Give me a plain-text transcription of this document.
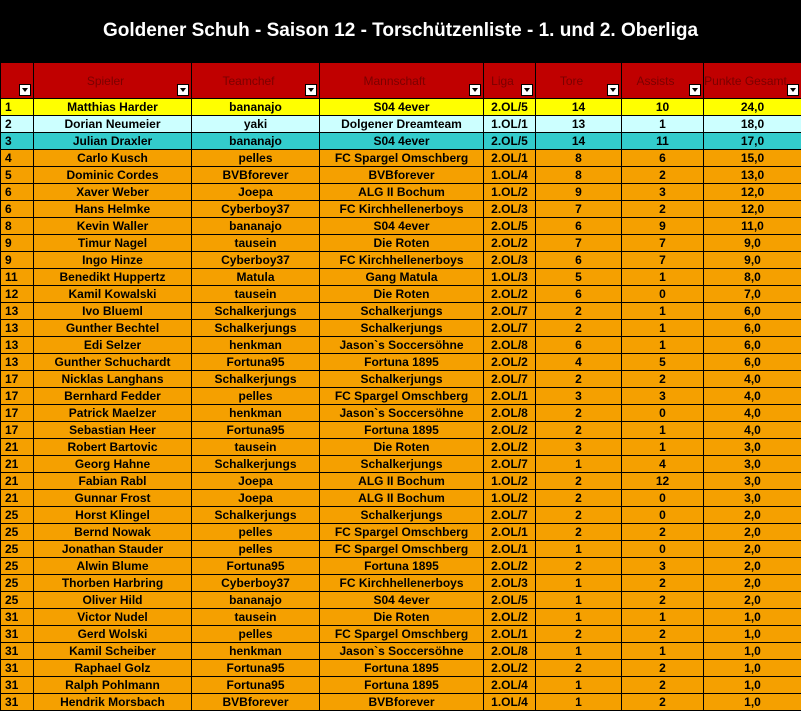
Goldener Schuh - Saison 12 - Torschützenliste - 1. und 2. Oberliga

	Spieler	Teamchef	Mannschaft	Liga	Tore	Assists	Punkte Gesamt

1	Matthias Harder	bananajo	S04 4ever	2.OL/5	14	10	24,0
2	Dorian Neumeier	yaki	Dolgener Dreamteam	1.OL/1	13	1	18,0
3	Julian Draxler	bananajo	S04 4ever	2.OL/5	14	11	17,0
4	Carlo Kusch	pelles	FC Spargel Omschberg	2.OL/1	8	6	15,0
5	Dominic Cordes	BVBforever	BVBforever	1.OL/4	8	2	13,0
6	Xaver Weber	Joepa	ALG II Bochum	1.OL/2	9	3	12,0
6	Hans Helmke	Cyberboy37	FC Kirchhellenerboys	2.OL/3	7	2	12,0
8	Kevin Waller	bananajo	S04 4ever	2.OL/5	6	9	11,0
9	Timur Nagel	tausein	Die Roten	2.OL/2	7	7	9,0
9	Ingo Hinze	Cyberboy37	FC Kirchhellenerboys	2.OL/3	6	7	9,0
11	Benedikt Huppertz	Matula	Gang Matula	1.OL/3	5	1	8,0
12	Kamil Kowalski	tausein	Die Roten	2.OL/2	6	0	7,0
13	Ivo Blueml	Schalkerjungs	Schalkerjungs	2.OL/7	2	1	6,0
13	Gunther Bechtel	Schalkerjungs	Schalkerjungs	2.OL/7	2	1	6,0
13	Edi Selzer	henkman	Jason`s Soccersöhne	2.OL/8	6	1	6,0
13	Gunther Schuchardt	Fortuna95	Fortuna 1895	2.OL/2	4	5	6,0
17	Nicklas Langhans	Schalkerjungs	Schalkerjungs	2.OL/7	2	2	4,0
17	Bernhard Fedder	pelles	FC Spargel Omschberg	2.OL/1	3	3	4,0
17	Patrick Maelzer	henkman	Jason`s Soccersöhne	2.OL/8	2	0	4,0
17	Sebastian Heer	Fortuna95	Fortuna 1895	2.OL/2	2	1	4,0
21	Robert Bartovic	tausein	Die Roten	2.OL/2	3	1	3,0
21	Georg Hahne	Schalkerjungs	Schalkerjungs	2.OL/7	1	4	3,0
21	Fabian Rabl	Joepa	ALG II Bochum	1.OL/2	2	12	3,0
21	Gunnar Frost	Joepa	ALG II Bochum	1.OL/2	2	0	3,0
25	Horst Klingel	Schalkerjungs	Schalkerjungs	2.OL/7	2	0	2,0
25	Bernd Nowak	pelles	FC Spargel Omschberg	2.OL/1	2	2	2,0
25	Jonathan Stauder	pelles	FC Spargel Omschberg	2.OL/1	1	0	2,0
25	Alwin Blume	Fortuna95	Fortuna 1895	2.OL/2	2	3	2,0
25	Thorben Harbring	Cyberboy37	FC Kirchhellenerboys	2.OL/3	1	2	2,0
25	Oliver Hild	bananajo	S04 4ever	2.OL/5	1	2	2,0
31	Victor Nudel	tausein	Die Roten	2.OL/2	1	1	1,0
31	Gerd Wolski	pelles	FC Spargel Omschberg	2.OL/1	2	2	1,0
31	Kamil Scheiber	henkman	Jason`s Soccersöhne	2.OL/8	1	1	1,0
31	Raphael Golz	Fortuna95	Fortuna 1895	2.OL/2	2	2	1,0
31	Ralph Pohlmann	Fortuna95	Fortuna 1895	2.OL/4	1	2	1,0
31	Hendrik Morsbach	BVBforever	BVBforever	1.OL/4	1	2	1,0
